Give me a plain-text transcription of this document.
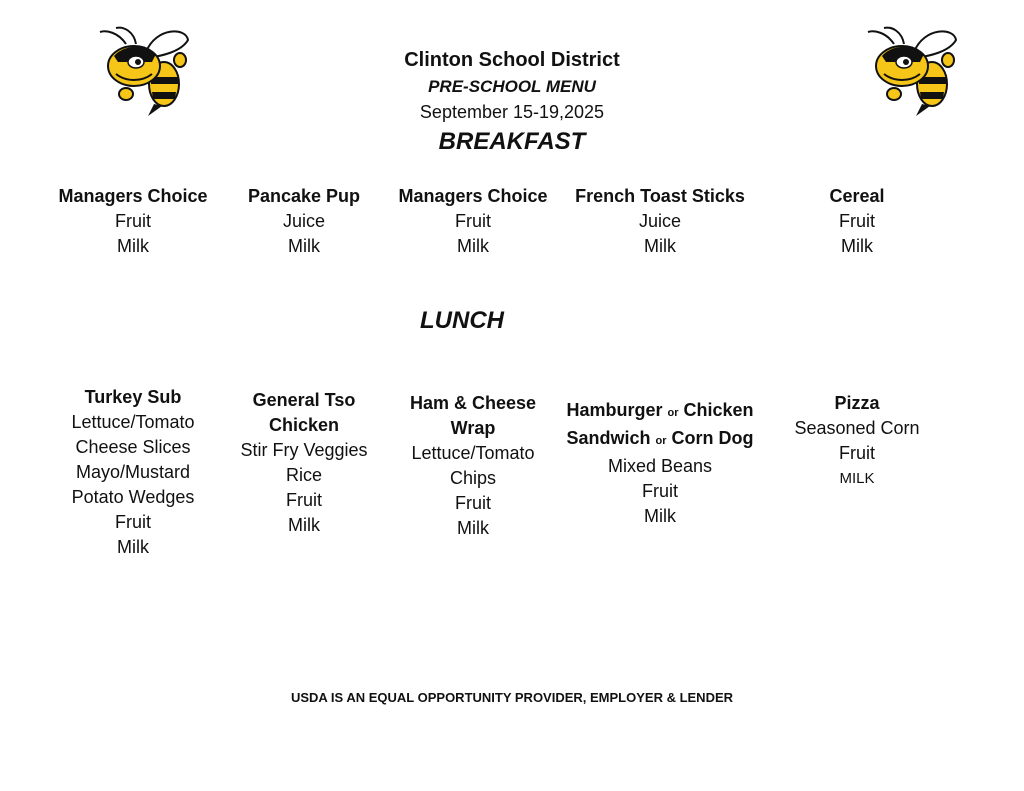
Clinton School District
PRE-SCHOOL MENU
September 15-19,2025
BREAKFAST
Managers Choice
Fruit
Milk
Pancake Pup
Juice
Milk
Managers Choice
Fruit
Milk
French Toast Sticks
Juice
Milk
Cereal
Fruit
Milk
LUNCH
Turkey Sub
Lettuce/Tomato
Cheese Slices
Mayo/Mustard
Potato Wedges
Fruit
Milk
General Tso
Chicken
Stir Fry Veggies
Rice
Fruit
Milk
Ham & Cheese
Wrap
Lettuce/Tomato
Chips
Fruit
Milk
Hamburger or Chicken
Sandwich or Corn Dog
Mixed Beans
Fruit
Milk
Pizza
Seasoned Corn
Fruit
MILK
USDA IS AN EQUAL OPPORTUNITY PROVIDER, EMPLOYER & LENDER
